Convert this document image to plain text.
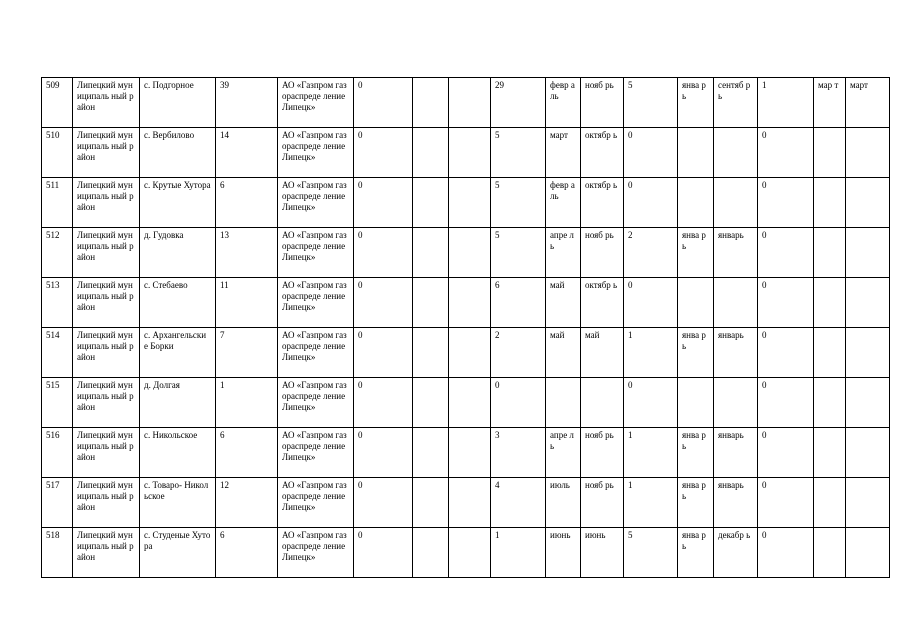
509	Липецкий муниципаль ный район	с. Подгорное	39	АО «Газпром газораспреде ление Липецк»	0			29	февр аль	нояб рь	5	янва рь	сентяб рь	1	мар т	март
510	Липецкий муниципаль ный район	с. Вербилово	14	АО «Газпром газораспреде ление Липецк»	0			5	март	октябр ь	0			0		
511	Липецкий муниципаль ный район	с. Крутые Хутора	6	АО «Газпром газораспреде ление Липецк»	0			5	февр аль	октябр ь	0			0		
512	Липецкий муниципаль ный район	д. Гудовка	13	АО «Газпром газораспреде ление Липецк»	0			5	апре ль	нояб рь	2	янва рь	январь	0		
513	Липецкий муниципаль ный район	с. Стебаево	11	АО «Газпром газораспреде ление Липецк»	0			6	май	октябр ь	0			0		
514	Липецкий муниципаль ный район	с. Архангельски е Борки	7	АО «Газпром газораспреде ление Липецк»	0			2	май	май	1	янва рь	январь	0		
515	Липецкий муниципаль ный район	д. Долгая	1	АО «Газпром газораспреде ление Липецк»	0			0			0			0		
516	Липецкий муниципаль ный район	с. Никольское	6	АО «Газпром газораспреде ление Липецк»	0			3	апре ль	нояб рь	1	янва рь	январь	0		
517	Липецкий муниципаль ный район	с. Товаро- Никольское	12	АО «Газпром газораспреде ление Липецк»	0			4	июль	нояб рь	1	янва рь	январь	0		
518	Липецкий муниципаль ный район	с. Студеные Хутора	6	АО «Газпром газораспреде ление Липецк»	0			1	июнь	июнь	5	янва рь	декабр ь	0		
